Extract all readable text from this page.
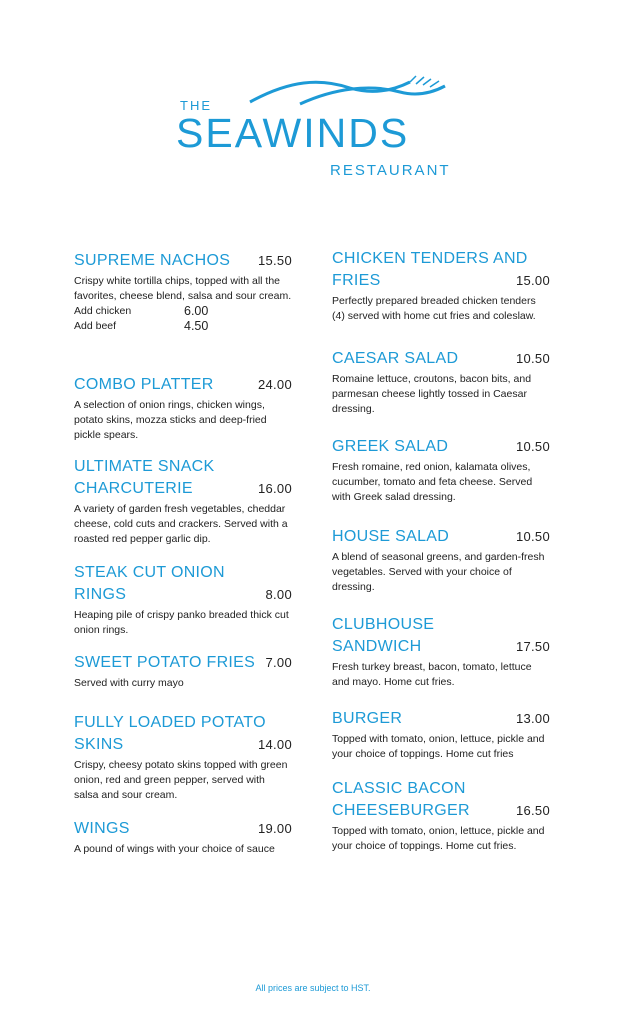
THE
SEAWINDS
RESTAURANT
SUPREME NACHOS 15.50
Crispy white tortilla chips, topped with all the favorites, cheese blend, salsa and sour cream.
Add chicken	6.00
Add beef	4.50
COMBO PLATTER	24.00
A selection of onion rings, chicken wings, potato skins, mozza sticks and deep-fried pickle spears.
ULTIMATE SNACK
CHARCUTERIE	16.00
A variety of garden fresh vegetables, cheddar cheese, cold cuts and crackers. Served with a roasted red pepper garlic dip.
STEAK CUT ONION
RINGS	8.00
Heaping pile of crispy panko breaded thick cut onion rings.
SWEET POTATO FRIES 7.00
Served with curry mayo
FULLY LOADED POTATO
SKINS	14.00
Crispy, cheesy potato skins topped with green onion, red and green pepper, served with salsa and sour cream.
WINGS	19.00
A pound of wings with your choice of sauce
CHICKEN TENDERS AND
FRIES	15.00
Perfectly prepared breaded chicken tenders (4) served with home cut fries and coleslaw.
CAESAR SALAD	10.50
Romaine lettuce, croutons, bacon bits, and parmesan cheese lightly tossed in Caesar dressing.
GREEK SALAD	10.50
Fresh romaine, red onion, kalamata olives, cucumber, tomato and feta cheese. Served with Greek salad dressing.
HOUSE SALAD	10.50
A blend of seasonal greens, and garden-fresh vegetables. Served with your choice of dressing.
CLUBHOUSE
SANDWICH	17.50
Fresh turkey breast, bacon, tomato, lettuce and mayo. Home cut fries.
BURGER	13.00
Topped with tomato, onion, lettuce, pickle and your choice of toppings. Home cut fries
CLASSIC BACON
CHEESEBURGER	16.50
Topped with tomato, onion, lettuce, pickle and your choice of toppings. Home cut fries.
All prices are subject to HST.
